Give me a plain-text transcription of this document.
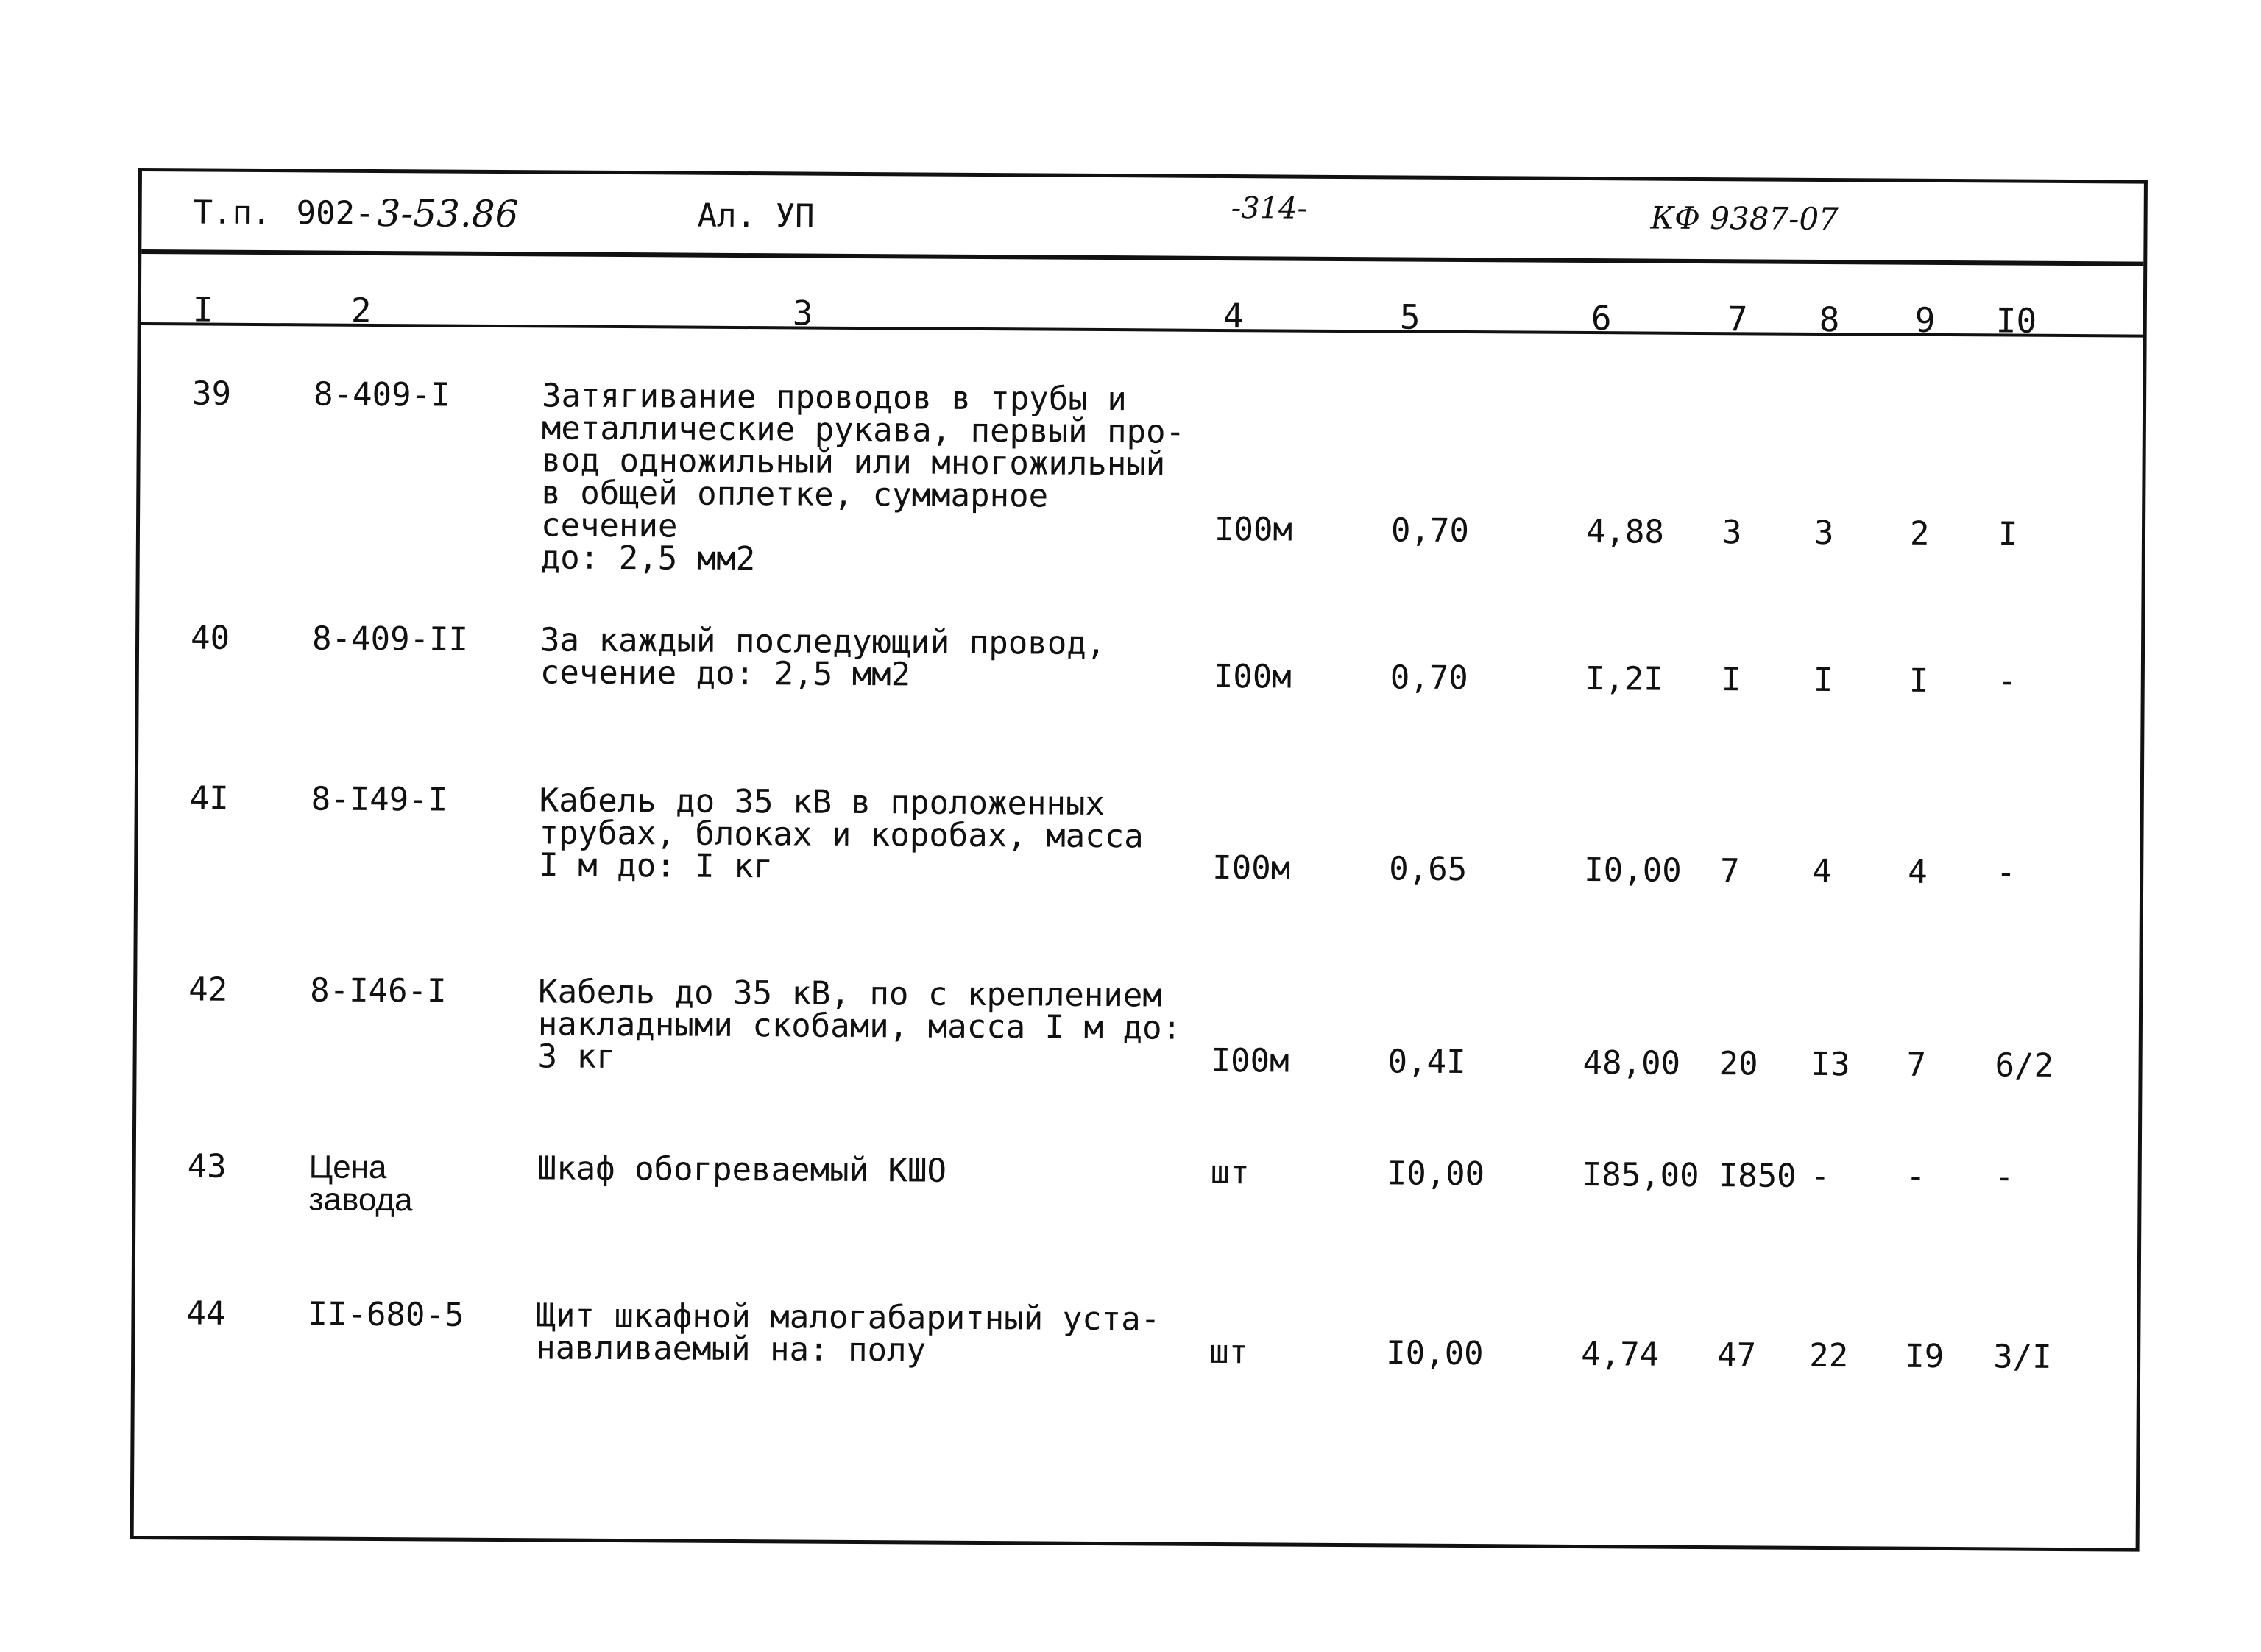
Т.п. 902- 3-53.86	Ал. УП	-314-	КФ 9387-07
I	2	3	4	5	6	7 8 9 I0
39	8-409-I	Затягивание проводов в трубы и
металлические рукава, первый про-
вод одножильный или многожильный
в общей оплетке, суммарное сечение
до: 2,5 мм2
I00м	0,70	4,88 3 3 2 I
40	8-409-II За каждый последующий провод,
сечение до: 2,5 мм2	I00м	0,70	I,2I I I I -
4I	8-I49-I	Кабель до 35 кВ в проложенных
трубах, блоках и коробах, масса
I м до: I кг	I00м	0,65	I0,00 7 4 4 -
42	8-I46-I	Кабель до 35 кВ, по с креплением
накладными скобами, масса I м до:
3 кг	I00м	0,4I	48,00 20 I3 7 6/2
43	Цена
завода
Шкаф обогреваемый КШО	шт	I0,00	I85,00 I850 - - -
44	II-680-5 Щит шкафной малогабаритный уста-
навливаемый на: полу	шт	I0,00	4,74 47 22 I9 3/I
